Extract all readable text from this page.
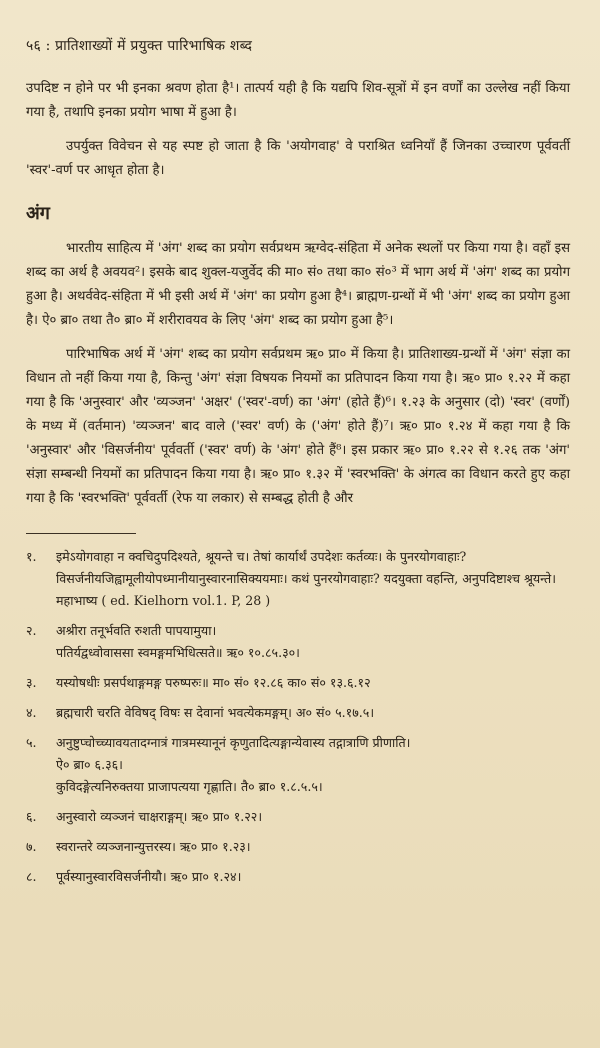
५६ : प्रातिशाख्यों में प्रयुक्त पारिभाषिक शब्द

उपदिष्ट न होने पर भी इनका श्रवण होता है¹। तात्पर्य यही है कि यद्यपि शिव-सूत्रों में इन वर्णों का उल्लेख नहीं किया गया है, तथापि इनका प्रयोग भाषा में हुआ है।

उपर्युक्त विवेचन से यह स्पष्ट हो जाता है कि 'अयोगवाह' वे पराश्रित ध्वनियाँ हैं जिनका उच्चारण पूर्ववर्ती 'स्वर'-वर्ण पर आधृत होता है।

अंग

भारतीय साहित्य में 'अंग' शब्द का प्रयोग सर्वप्रथम ऋग्वेद-संहिता में अनेक स्थलों पर किया गया है। वहाँ इस शब्द का अर्थ है अवयव²। इसके बाद शुक्ल-यजुर्वेद की मा० सं० तथा का० सं०³ में भाग अर्थ में 'अंग' शब्द का प्रयोग हुआ है। अथर्ववेद-संहिता में भी इसी अर्थ में 'अंग' का प्रयोग हुआ है⁴। ब्राह्मण-ग्रन्थों में भी 'अंग' शब्द का प्रयोग हुआ है। ऐ० ब्रा० तथा तै० ब्रा० में शरीरावयव के लिए 'अंग' शब्द का प्रयोग हुआ है⁵।

पारिभाषिक अर्थ में 'अंग' शब्द का प्रयोग सर्वप्रथम ऋ० प्रा० में किया है। प्रातिशाख्य-ग्रन्थों में 'अंग' संज्ञा का विधान तो नहीं किया गया है, किन्तु 'अंग' संज्ञा विषयक नियमों का प्रतिपादन किया गया है। ऋ० प्रा० १.२२ में कहा गया है कि 'अनुस्वार' और 'व्यञ्जन' 'अक्षर' ('स्वर'-वर्ण) का 'अंग' (होते हैं)⁶। १.२३ के अनुसार (दो) 'स्वर' (वर्णों) के मध्य में (वर्तमान) 'व्यञ्जन' बाद वाले ('स्वर' वर्ण) के ('अंग' होते हैं)⁷। ऋ० प्रा० १.२४ में कहा गया है कि 'अनुस्वार' और 'विसर्जनीय' पूर्ववर्ती ('स्वर' वर्ण) के 'अंग' होते हैं⁸। इस प्रकार ऋ० प्रा० १.२२ से १.२६ तक 'अंग' संज्ञा सम्बन्धी नियमों का प्रतिपादन किया गया है। ऋ० प्रा० १.३२ में 'स्वरभक्ति' के अंगत्व का विधान करते हुए कहा गया है कि 'स्वरभक्ति' पूर्ववर्ती (रेफ या लकार) से सम्बद्ध होती है और

१.	इमेऽयोगवाहा न क्वचिदुपदिश्यते, श्रूयन्ते च। तेषां कार्यार्थं उपदेशः कर्तव्यः। के पुनरयोगवाहाः? विसर्जनीयजिह्वामूलीयोपध्मानीयानुस्वारनासिक्ययमाः। कथं पुनरयोगवाहाः? यदयुक्ता वहन्ति, अनुपदिष्टाश्च श्रूयन्ते। महाभाष्य ( ed. Kielhorn vol.1. P, 28 )
२.	अश्रीरा तनूर्भवति रुशती पापयामुया।
पतिर्यद्वध्वोवाससा स्वमङ्गमभिधित्सते॥ ऋ० १०.८५.३०।
३.	यस्योषधीः प्रसर्पथाङ्गमङ्ग परुष्परुः॥ मा० सं० १२.८६ का० सं० १३.६.१२
४.	ब्रह्मचारी चरति वेविषद् विषः स देवानां भवत्येकमङ्गम्। अ० सं० ५.१७.५।
५.	अनुष्टुप्चोच्च्यावयतादग्नात्रं गात्रमस्यानूनं कृणुतादित्यङ्गान्येवास्य तद्गात्राणि प्रीणाति।
ऐ० ब्रा० ६.३६।
कुविदङ्गेत्यनिरुक्तया प्राजापत्यया गृह्णाति। तै० ब्रा० १.८.५.५।
६.	अनुस्वारो व्यञ्जनं चाक्षराङ्गम्। ऋ० प्रा० १.२२।
७.	स्वरान्तरे व्यञ्जनान्युत्तरस्य। ऋ० प्रा० १.२३।
८.	पूर्वस्यानुस्वारविसर्जनीयौ। ऋ० प्रा० १.२४।
